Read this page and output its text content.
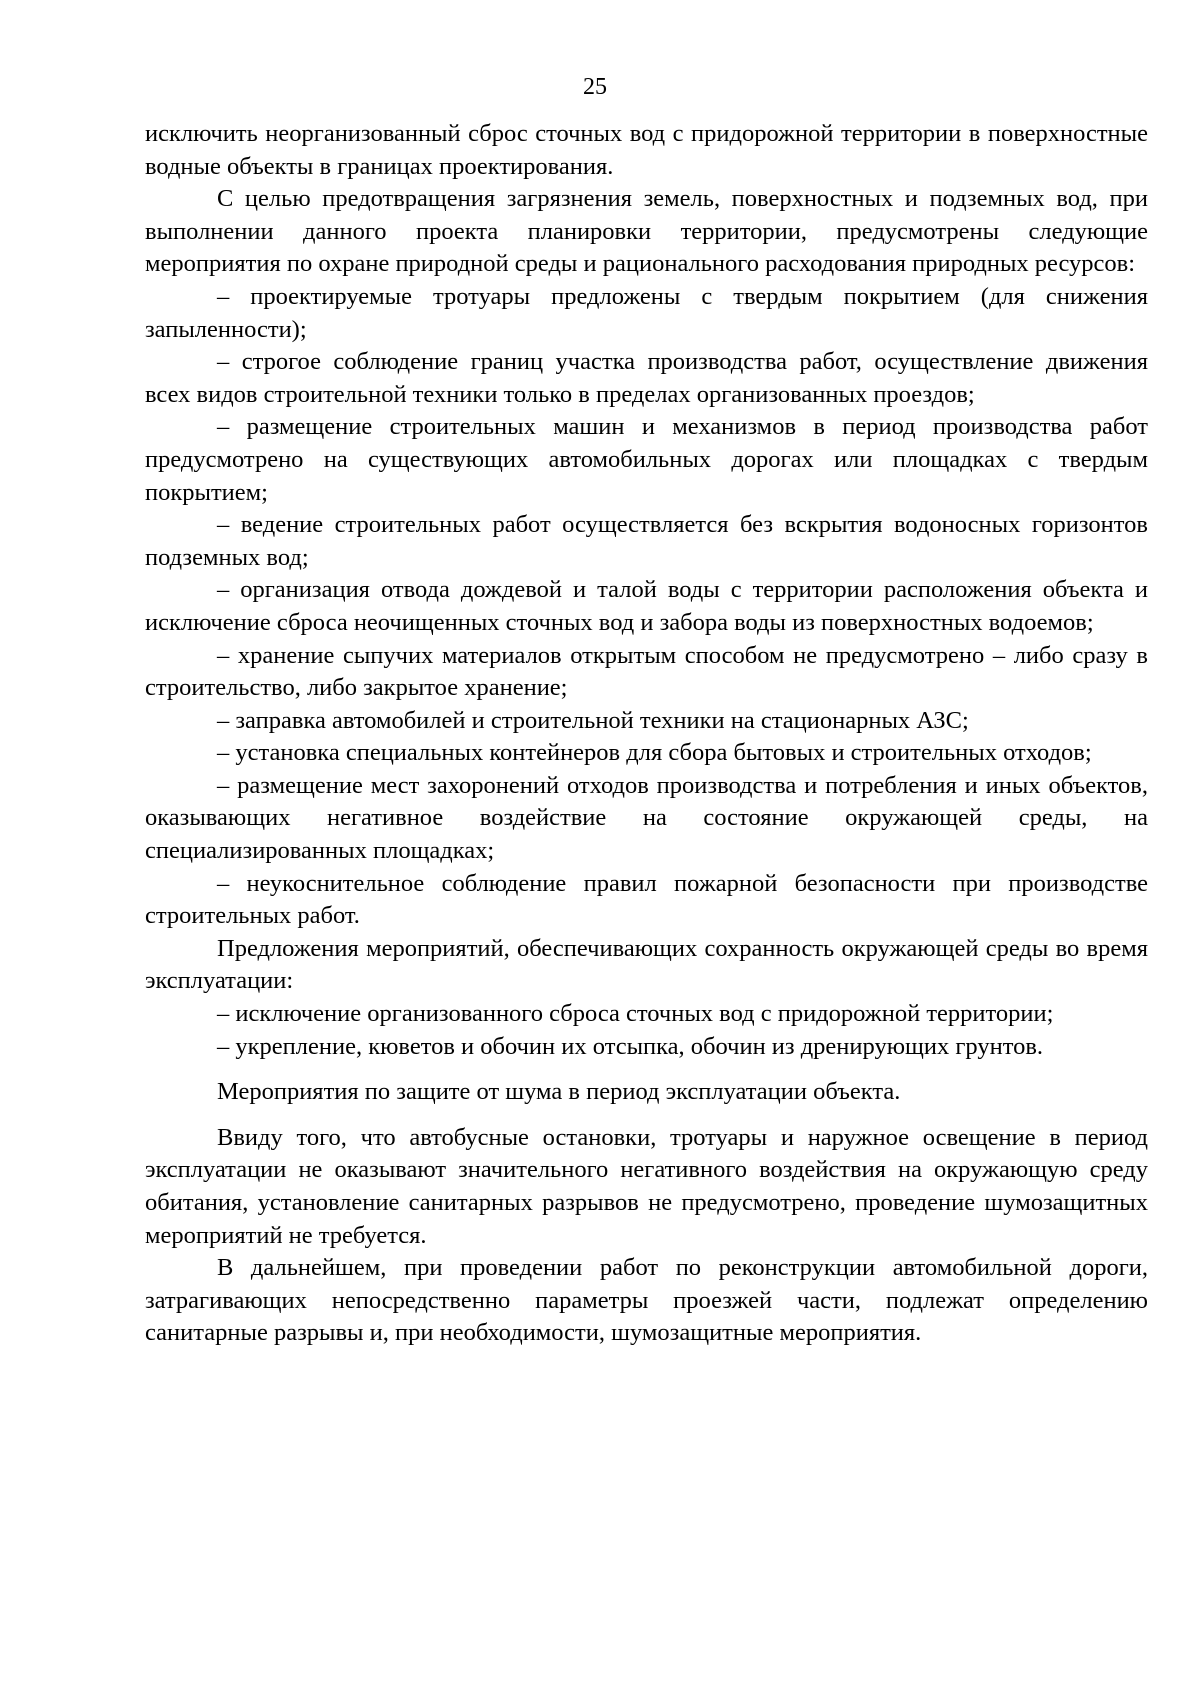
25

исключить неорганизованный сброс сточных вод с придорожной территории в поверхностные водные объекты в границах проектирования.

С целью предотвращения загрязнения земель, поверхностных и подземных вод, при выполнении данного проекта планировки территории, предусмотрены следующие мероприятия по охране природной среды и рационального расходования природных ресурсов:

– проектируемые тротуары предложены с твердым покрытием (для снижения запыленности);

– строгое соблюдение границ участка производства работ, осуществление движения всех видов строительной техники только в пределах организованных проездов;

– размещение строительных машин и механизмов в период производства работ предусмотрено на существующих автомобильных дорогах или площадках с твердым покрытием;

– ведение строительных работ осуществляется без вскрытия водоносных горизонтов подземных вод;

– организация отвода дождевой и талой воды с территории расположения объекта и исключение сброса неочищенных сточных вод и забора воды из поверхностных водоемов;

– хранение сыпучих материалов открытым способом не предусмотрено – либо сразу в строительство, либо закрытое хранение;

– заправка автомобилей и строительной техники на стационарных АЗС;

– установка специальных контейнеров для сбора бытовых и строительных отходов;

– размещение мест захоронений отходов производства и потребления и иных объектов, оказывающих негативное воздействие на состояние окружающей среды, на специализированных площадках;

– неукоснительное соблюдение правил пожарной безопасности при производстве строительных работ.

Предложения мероприятий, обеспечивающих сохранность окружающей среды во время эксплуатации:

– исключение организованного сброса сточных вод с придорожной территории;

– укрепление, кюветов и обочин их отсыпка, обочин из дренирующих грунтов.

Мероприятия по защите от шума в период эксплуатации объекта.

Ввиду того, что автобусные остановки, тротуары и наружное освещение в период эксплуатации не оказывают значительного негативного воздействия на окружающую среду обитания, установление санитарных разрывов не предусмотрено, проведение шумозащитных мероприятий не требуется.

В дальнейшем, при проведении работ по реконструкции автомобильной дороги, затрагивающих непосредственно параметры проезжей части, подлежат определению санитарные разрывы и, при необходимости, шумозащитные мероприятия.
